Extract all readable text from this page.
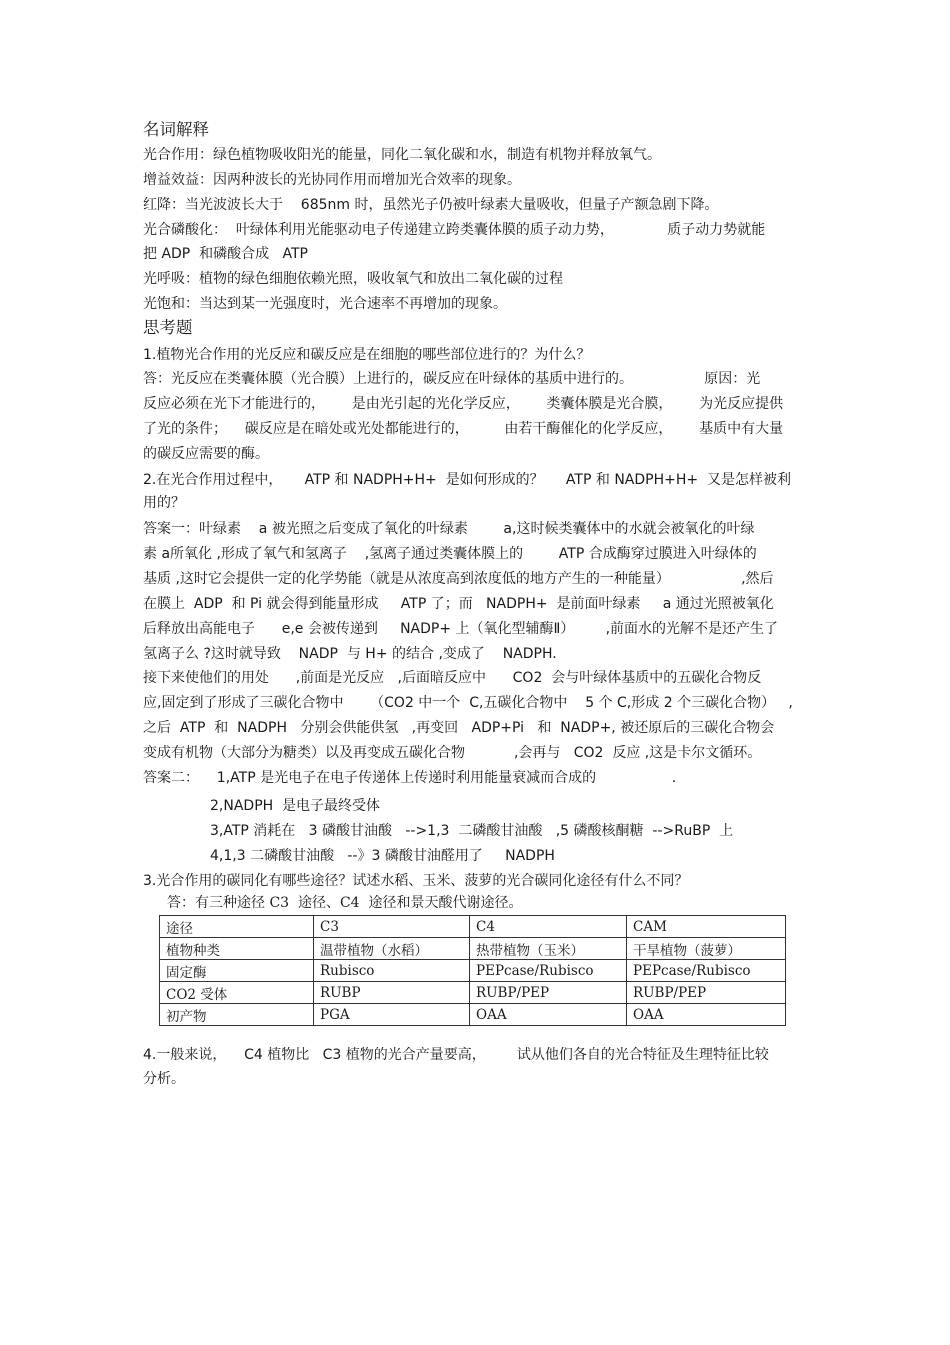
名词解释
光合作用：绿色植物吸收阳光的能量，同化二氧化碳和水，制造有机物并释放氧气。
增益效益：因两种波长的光协同作用而增加光合效率的现象。
红降：当光波波长大于    685nm 时，虽然光子仍被叶绿素大量吸收，但量子产额急剧下降。
光合磷酸化：  叶绿体利用光能驱动电子传递建立跨类囊体膜的质子动力势，            质子动力势就能
把 ADP  和磷酸合成   ATP
光呼吸：植物的绿色细胞依赖光照，吸收氧气和放出二氧化碳的过程
光饱和：当达到某一光强度时，光合速率不再增加的现象。
思考题
1.植物光合作用的光反应和碳反应是在细胞的哪些部位进行的？为什么？
答：光反应在类囊体膜（光合膜）上进行的，碳反应在叶绿体的基质中进行的。                原因：光
反应必须在光下才能进行的，      是由光引起的光化学反应，      类囊体膜是光合膜，      为光反应提供
了光的条件；    碳反应是在暗处或光处都能进行的，        由若干酶催化的化学反应，      基质中有大量
的碳反应需要的酶。
2.在光合作用过程中，     ATP 和 NADPH+H+  是如何形成的？     ATP 和 NADPH+H+  又是怎样被利
用的？
答案一：叶绿素    a 被光照之后变成了氧化的叶绿素        a,这时候类囊体中的水就会被氧化的叶绿
素 a所氧化 ,形成了氧气和氢离子    ,氢离子通过类囊体膜上的        ATP 合成酶穿过膜进入叶绿体的
基质 ,这时它会提供一定的化学势能（就是从浓度高到浓度低的地方产生的一种能量）                ,然后
在膜上  ADP  和 Pi 就会得到能量形成     ATP 了；而   NADPH+  是前面叶绿素     a 通过光照被氧化
后释放出高能电子      e,e 会被传递到     NADP+ 上（氧化型辅酶Ⅱ）       ,前面水的光解不是还产生了
氢离子么 ?这时就导致    NADP  与 H+ 的结合 ,变成了    NADPH.
接下来使他们的用处      ,前面是光反应   ,后面暗反应中      CO2  会与叶绿体基质中的五碳化合物反
应,固定到了形成了三碳化合物中      （CO2 中一个  C,五碳化合物中    5 个 C,形成 2 个三碳化合物）   ,
之后  ATP  和  NADPH   分别会供能供氢   ,再变回   ADP+Pi   和  NADP+, 被还原后的三碳化合物会
变成有机物（大部分为糖类）以及再变成五碳化合物           ,会再与   CO2  反应 ,这是卡尔文循环。
答案二：    1,ATP 是光电子在电子传递体上传递时利用能量衰减而合成的                 .
2,NADPH  是电子最终受体
3,ATP 消耗在   3 磷酸甘油酸   -->1,3  二磷酸甘油酸   ,5 磷酸核酮糖  -->RuBP  上
4,1,3 二磷酸甘油酸   --》3 磷酸甘油醛用了     NADPH
3.光合作用的碳同化有哪些途径？试述水稻、玉米、菠萝的光合碳同化途径有什么不同？
答：有三种途径 C3  途径、C4  途径和景天酸代谢途径。
途径	C3	C4	CAM
植物种类	温带植物（水稻）	热带植物（玉米）	干旱植物（菠萝）
固定酶	Rubisco	PEPcase/Rubisco	PEPcase/Rubisco
CO2 受体	RUBP	RUBP/PEP	RUBP/PEP
初产物	PGA	OAA	OAA
4.一般来说，    C4 植物比   C3 植物的光合产量要高，       试从他们各自的光合特征及生理特征比较
分析。
